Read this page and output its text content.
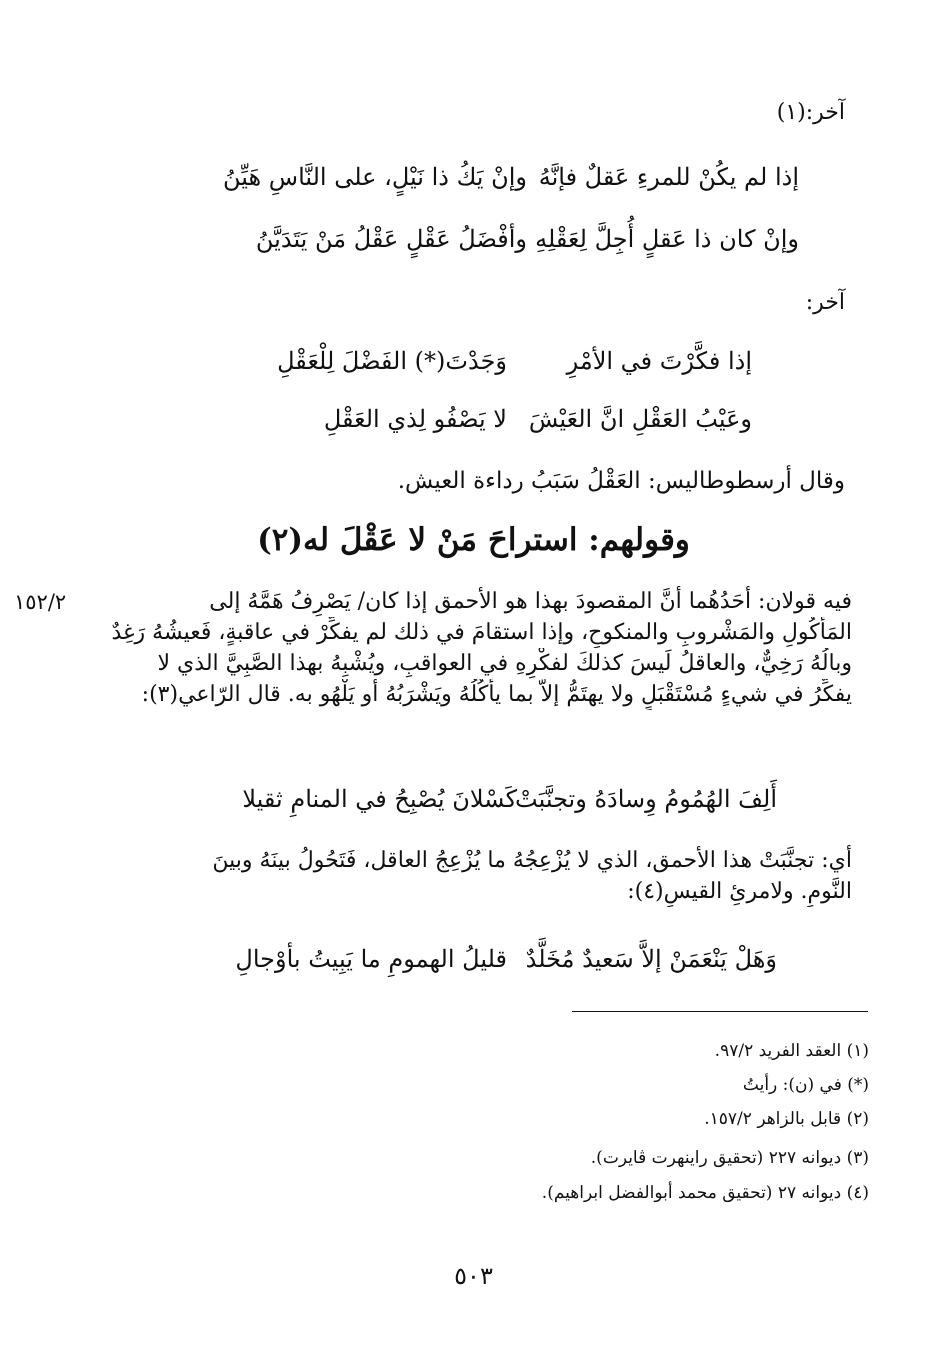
آخر:(١)
إذا لم يكُنْ للمرءِ عَقلٌ فإنَّهُ
وإنْ يَكُ ذا نَيْلٍ، على النَّاسِ هَيِّنُ
وإنْ كان ذا عَقلٍ أُجِلَّ لِعَقْلِهِ
وأفْضَلُ عَقْلٍ عَقْلُ مَنْ يَتَدَيَّنُ
آخر:
إذا فكَّرْتَ في الأمْرِ
وَجَدْتَ(*) الفَضْلَ لِلْعَقْلِ
وعَيْبُ العَقْلِ انَّ العَيْشَ
لا يَصْفُو لِذي العَقْلِ
وقال أرسطوطاليس: العَقْلُ سَبَبُ رداءة العيش.
وقولهم: استراحَ مَنْ لا عَقْلَ له(٢)
فيه قولان: أحَدُهُما أنَّ المقصودَ بهذا هو الأحمق إذا كان/ يَصْرِفُ هَمَّهُ إلى
المَأكُولِ والمَشْروبِ والمنكوحِ، وإذا استقامَ في ذلك لم يفكِّرْ في عاقبةٍ، فَعيشُهُ رَغِدٌ
وبالُهُ رَخِيٌّ، والعاقلُ لَيسَ كذلكَ لفكْرِهِ في العواقبِ، ويُشْبِهُ بهذا الصَّبِيَّ الذي لا
يفكِّرُ في شيءٍ مُسْتَقْبَلٍ ولا يهتَمُّ إلاَّ بما يأكُلُهُ ويَشْرَبُهُ أو يَلْهُو به. قال الرّاعي(٣):
١٥٢/٢
أَلِفَ الهُمُومُ وِسادَهُ وتجنَّبَتْ
كَسْلانَ يُصْبِحُ في المنامِ ثقيلا
أي: تجنَّبَتْ هذا الأحمق، الذي لا يُزْعِجُهُ ما يُزْعِجُ العاقل، فَتَحُولُ بينَهُ وبينَ
النَّومِ. ولامرئِ القيسِ(٤):
وَهَلْ يَنْعَمَنْ إلاَّ سَعيدٌ مُخَلَّدٌ
قليلُ الهمومِ ما يَبِيتُ بأوْجالِ
(١) العقد الفريد ٩٧/٢.
(*) في (ن): رأيتُ
(٢) قابل بالزاهر ١٥٧/٢.
(٣) ديوانه ٢٢٧ (تحقيق راينهرت ڤايرت).
(٤) ديوانه ٢٧ (تحقيق محمد أبوالفضل ابراهيم).
٥٠٣
